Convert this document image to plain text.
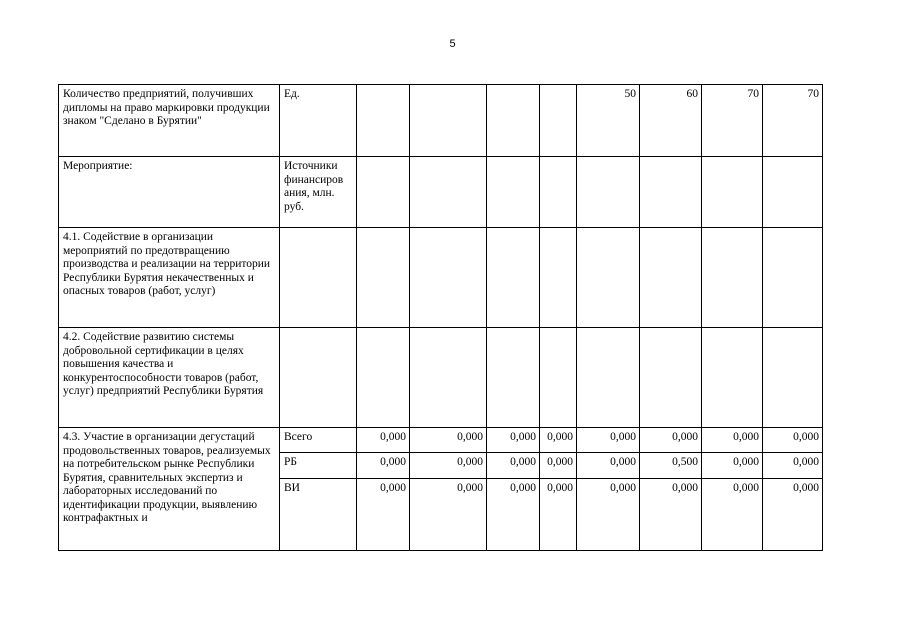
5
Количество предприятий, получивших дипломы на право маркировки продукции знаком "Сделано в Бурятии"	Ед.					50	60	70	70
Мероприятие:	Источники финансиров ания, млн. руб.								
4.1. Содействие в организации мероприятий по предотвращению производства и реализации на территории Республики Бурятия некачественных и опасных товаров (работ, услуг)									
4.2. Содействие развитию системы добровольной сертификации в целях повышения качества и конкурентоспособности товаров (работ, услуг) предприятий Республики Бурятия									
4.3. Участие в организации дегустаций продовольственных товаров, реализуемых на потребительском рынке Республики Бурятия, сравнительных экспертиз и лабораторных исследований по идентификации продукции, выявлению контрафактных и	Всего	0,000	0,000	0,000	0,000	0,000	0,000	0,000	0,000
	РБ	0,000	0,000	0,000	0,000	0,000	0,500	0,000	0,000
	ВИ	0,000	0,000	0,000	0,000	0,000	0,000	0,000	0,000
